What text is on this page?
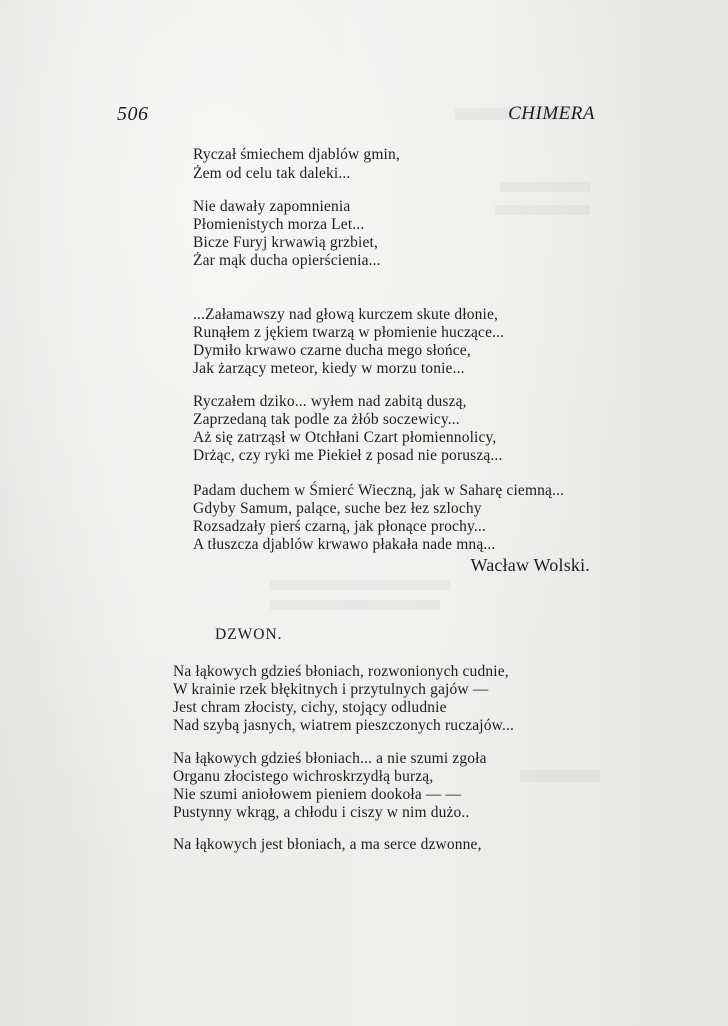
506	CHIMERA
Ryczał śmiechem djablów gmin,
Żem od celu tak daleki...
Nie dawały zapomnienia
Płomienistych morza Let...
Bicze Furyj krwawią grzbiet,
Żar mąk ducha opierścienia...
...Załamawszy nad głową kurczem skute dłonie,
Runąłem z jękiem twarzą w płomienie huczące...
Dymiło krwawo czarne ducha mego słońce,
Jak żarzący meteor, kiedy w morzu tonie...
Ryczałem dziko... wyłem nad zabitą duszą,
Zaprzedaną tak podle za żłób soczewicy...
Aż się zatrząsł w Otchłani Czart płomiennolicy,
Drżąc, czy ryki me Piekieł z posad nie poruszą...
Padam duchem w Śmierć Wieczną, jak w Saharę ciemną...
Gdyby Samum, palące, suche bez łez szlochy
Rozsadzały pierś czarną, jak płonące prochy...
A tłuszcza djablów krwawo płakała nade mną...
Wacław Wolski.
DZWON.
Na łąkowych gdzieś błoniach, rozwonionych cudnie,
W krainie rzek błękitnych i przytulnych gajów —
Jest chram złocisty, cichy, stojący odludnie
Nad szybą jasnych, wiatrem pieszczonych ruczajów...
Na łąkowych gdzieś błoniach... a nie szumi zgoła
Organu złocistego wichroskrzydłą burzą,
Nie szumi aniołowem pieniem dookoła — —
Pustynny wkrąg, a chłodu i ciszy w nim dużo..
Na łąkowych jest błoniach, a ma serce dzwonne,
